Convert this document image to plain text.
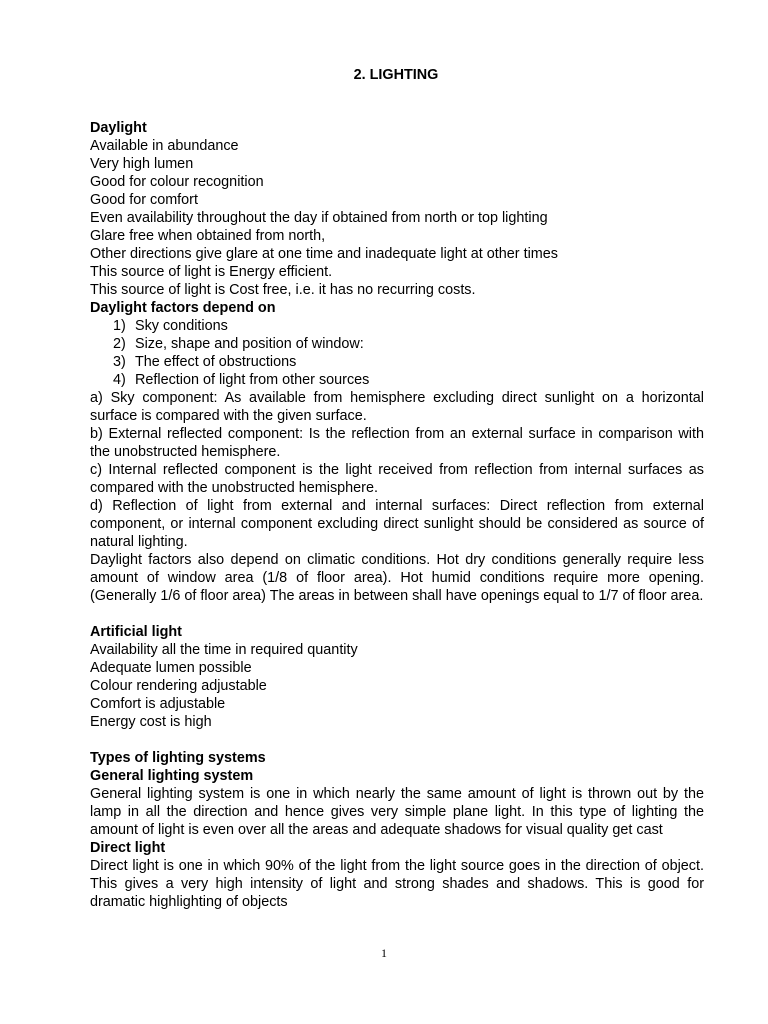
2. LIGHTING
Daylight
Available in abundance
Very high lumen
Good for colour recognition
Good for comfort
Even availability throughout the day if obtained from north or top lighting
Glare free when obtained from north,
Other directions give glare at one time and inadequate light at other times
This source of light is Energy efficient.
This source of light is Cost free, i.e. it has no recurring costs.
Daylight factors depend on
1) Sky conditions
2) Size, shape and position of window:
3) The effect of obstructions
4) Reflection of light from other sources
a) Sky component: As available from hemisphere excluding direct sunlight on a horizontal surface is compared with the given surface.
b) External reflected component: Is the reflection from an external surface in comparison with the unobstructed hemisphere.
c) Internal reflected component is the light received from reflection from internal surfaces as compared with the unobstructed hemisphere.
d) Reflection of light from external and internal surfaces: Direct reflection from external component, or internal component excluding direct sunlight should be considered as source of natural lighting.
Daylight factors also depend on climatic conditions. Hot dry conditions generally require less amount of window area (1/8 of floor area). Hot humid conditions require more opening. (Generally 1/6 of floor area) The areas in between shall have openings equal to 1/7 of floor area.
Artificial light
Availability all the time in required quantity
Adequate lumen possible
Colour rendering adjustable
Comfort is adjustable
Energy cost is high
Types of lighting systems
General lighting system
General lighting system is one in which nearly the same amount of light is thrown out by the lamp in all the direction and hence gives very simple plane light. In this type of lighting the amount of light is even over all the areas and adequate shadows for visual quality get cast
Direct light
Direct light is one in which 90% of the light from the light source goes in the direction of object. This gives a very high intensity of light and strong shades and shadows. This is good for dramatic highlighting of objects
1
